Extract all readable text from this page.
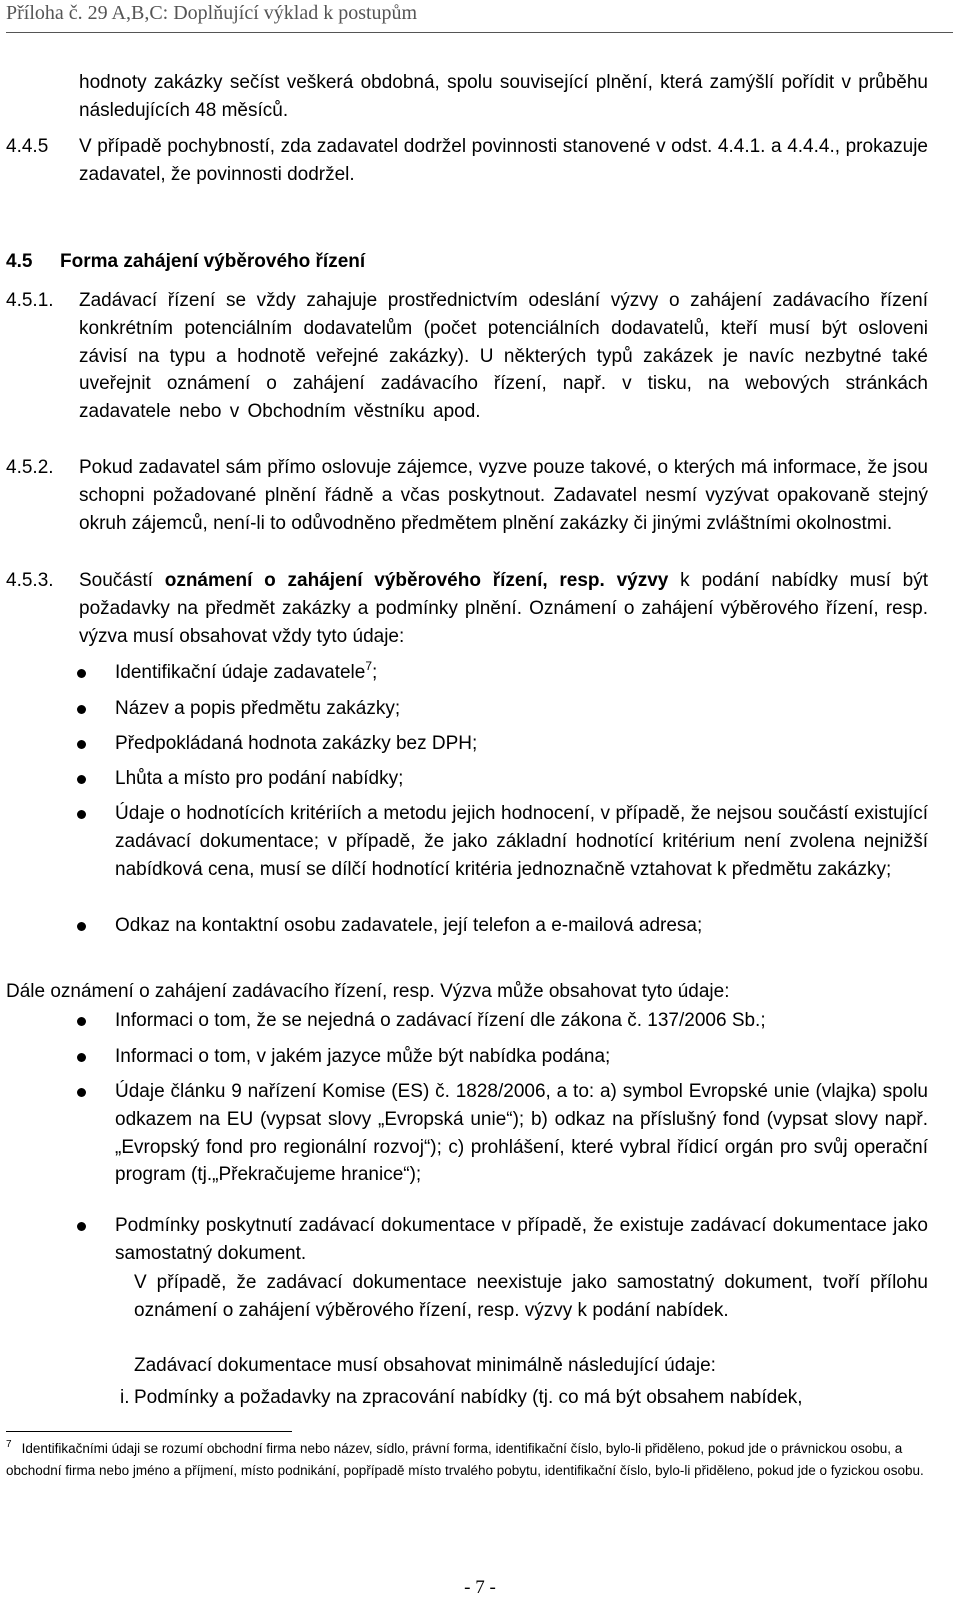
Příloha č. 29 A,B,C: Doplňující výklad k postupům

hodnoty zakázky sečíst veškerá obdobná, spolu související plnění, která zamýšlí pořídit v průběhu následujících 48 měsíců.

4.4.5 V případě pochybností, zda zadavatel dodržel povinnosti stanovené v odst. 4.4.1. a 4.4.4., prokazuje zadavatel, že povinnosti dodržel.

4.5 Forma zahájení výběrového řízení
4.5.1. Zadávací řízení se vždy zahajuje prostřednictvím odeslání výzvy o zahájení zadávacího řízení konkrétním potenciálním dodavatelům (počet potenciálních dodavatelů, kteří musí být osloveni závisí na typu a hodnotě veřejné zakázky). U některých typů zakázek je navíc nezbytné také uveřejnit oznámení o zahájení zadávacího řízení, např. v tisku, na webových stránkách zadavatele nebo v Obchodním věstníku apod.

4.5.2. Pokud zadavatel sám přímo oslovuje zájemce, vyzve pouze takové, o kterých má informace, že jsou schopni požadované plnění řádně a včas poskytnout. Zadavatel nesmí vyzývat opakovaně stejný okruh zájemců, není-li to odůvodněno předmětem plnění zakázky či jinými zvláštními okolnostmi.

4.5.3. Součástí oznámení o zahájení výběrového řízení, resp. výzvy k podání nabídky musí být požadavky na předmět zakázky a podmínky plnění. Oznámení o zahájení výběrového řízení, resp. výzva musí obsahovat vždy tyto údaje:

Identifikační údaje zadavatele$^7$;

Název a popis předmětu zakázky;

Předpokládaná hodnota zakázky bez DPH;

Lhůta a místo pro podání nabídky;

Údaje o hodnotících kritériích a metodu jejich hodnocení, v případě, že nejsou součástí existující zadávací dokumentace; v případě, že jako základní hodnotící kritérium není zvolena nejnižší nabídková cena, musí se dílčí hodnotící kritéria jednoznačně vztahovat k předmětu zakázky;

Odkaz na kontaktní osobu zadavatele, její telefon a e-mailová adresa;

Dále oznámení o zahájení zadávacího řízení, resp. Výzva může obsahovat tyto údaje:

Informaci o tom, že se nejedná o zadávací řízení dle zákona č. 137/2006 Sb.;

Informaci o tom, v jakém jazyce může být nabídka podána;

Údaje článku 9 nařízení Komise (ES) č. 1828/2006, a to: a) symbol Evropské unie (vlajka) spolu odkazem na EU (vypsat slovy „Evropská unie“); b) odkaz na příslušný fond (vypsat slovy např. „Evropský fond pro regionální rozvoj“); c) prohlášení, které vybral řídicí orgán pro svůj operační program (tj.„Překračujeme hranice“);

Podmínky poskytnutí zadávací dokumentace v případě, že existuje zadávací dokumentace jako samostatný dokument.

V případě, že zadávací dokumentace neexistuje jako samostatný dokument, tvoří přílohu oznámení o zahájení výběrového řízení, resp. výzvy k podání nabídek.

Zadávací dokumentace musí obsahovat minimálně následující údaje:

i. Podmínky a požadavky na zpracování nabídky (tj. co má být obsahem nabídek,

$^7$ Identifikačními údaji se rozumí obchodní firma nebo název, sídlo, právní forma, identifikační číslo, bylo-li přiděleno, pokud jde o právnickou osobu, a obchodní firma nebo jméno a příjmení, místo podnikání, popřípadě místo trvalého pobytu, identifikační číslo, bylo-li přiděleno, pokud jde o fyzickou osobu.

- 7 -
